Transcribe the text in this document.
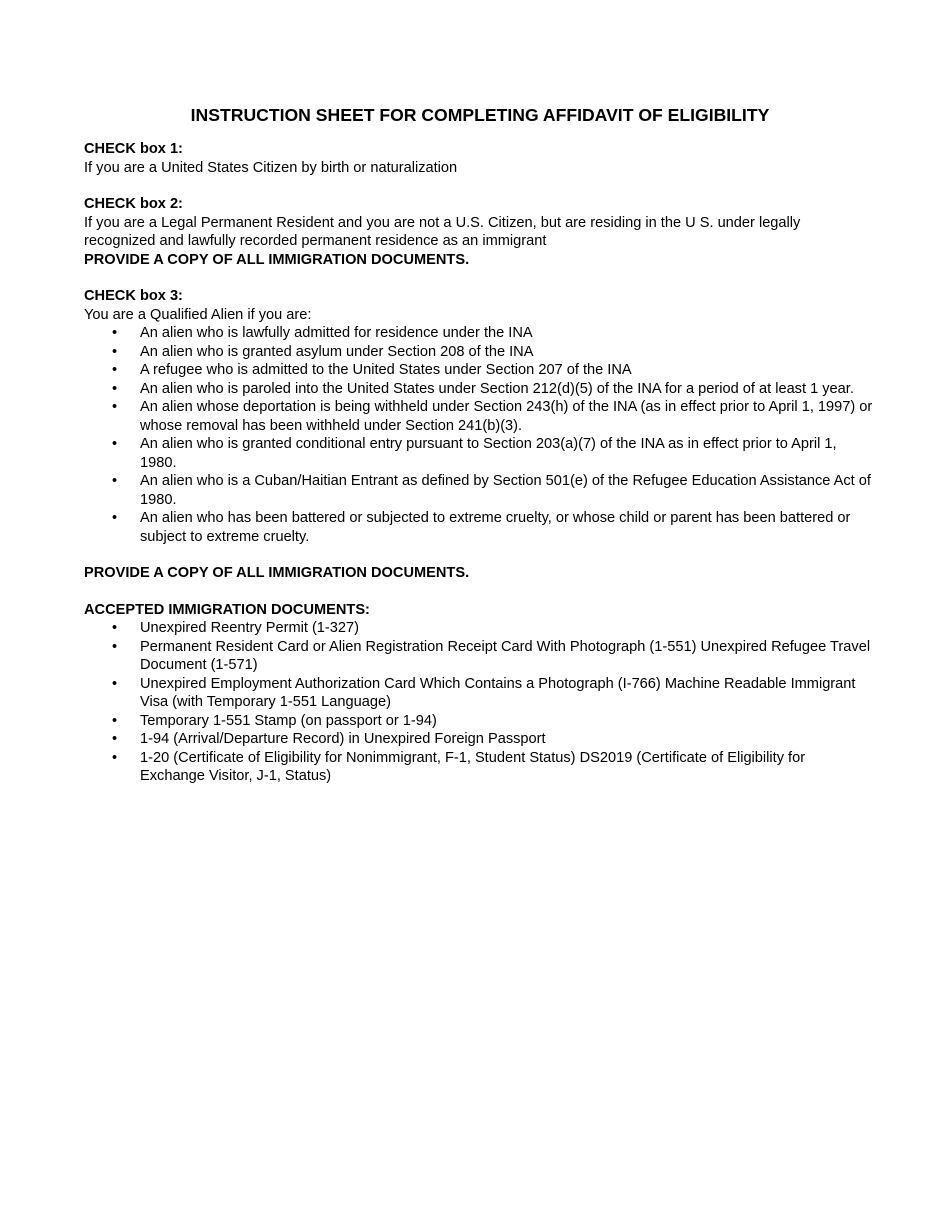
INSTRUCTION SHEET FOR COMPLETING AFFIDAVIT OF ELIGIBILITY

CHECK box 1:

If you are a United States Citizen by birth or naturalization

CHECK box 2:

If you are a Legal Permanent Resident and you are not a U.S. Citizen, but are residing in the U S. under legally recognized and lawfully recorded permanent residence as an immigrant

PROVIDE A COPY OF ALL IMMIGRATION DOCUMENTS.

CHECK box 3:

You are a Qualified Alien if you are:

• An alien who is lawfully admitted for residence under the INA
• An alien who is granted asylum under Section 208 of the INA
• A refugee who is admitted to the United States under Section 207 of the INA
• An alien who is paroled into the United States under Section 212(d)(5) of the INA for a period of at least 1 year.
• An alien whose deportation is being withheld under Section 243(h) of the INA (as in effect prior to April 1, 1997) or whose removal has been withheld under Section 241(b)(3).
• An alien who is granted conditional entry pursuant to Section 203(a)(7) of the INA as in effect prior to April 1, 1980.
• An alien who is a Cuban/Haitian Entrant as defined by Section 501(e) of the Refugee Education Assistance Act of 1980.
• An alien who has been battered or subjected to extreme cruelty, or whose child or parent has been battered or subject to extreme cruelty.

PROVIDE A COPY OF ALL IMMIGRATION DOCUMENTS.

ACCEPTED IMMIGRATION DOCUMENTS:

• Unexpired Reentry Permit (1-327)
• Permanent Resident Card or Alien Registration Receipt Card With Photograph (1-551) Unexpired Refugee Travel Document (1-571)
• Unexpired Employment Authorization Card Which Contains a Photograph (I-766) Machine Readable Immigrant Visa (with Temporary 1-551 Language)
• Temporary 1-551 Stamp (on passport or 1-94)
• 1-94 (Arrival/Departure Record) in Unexpired Foreign Passport
• 1-20 (Certificate of Eligibility for Nonimmigrant, F-1, Student Status) DS2019 (Certificate of Eligibility for Exchange Visitor, J-1, Status)
